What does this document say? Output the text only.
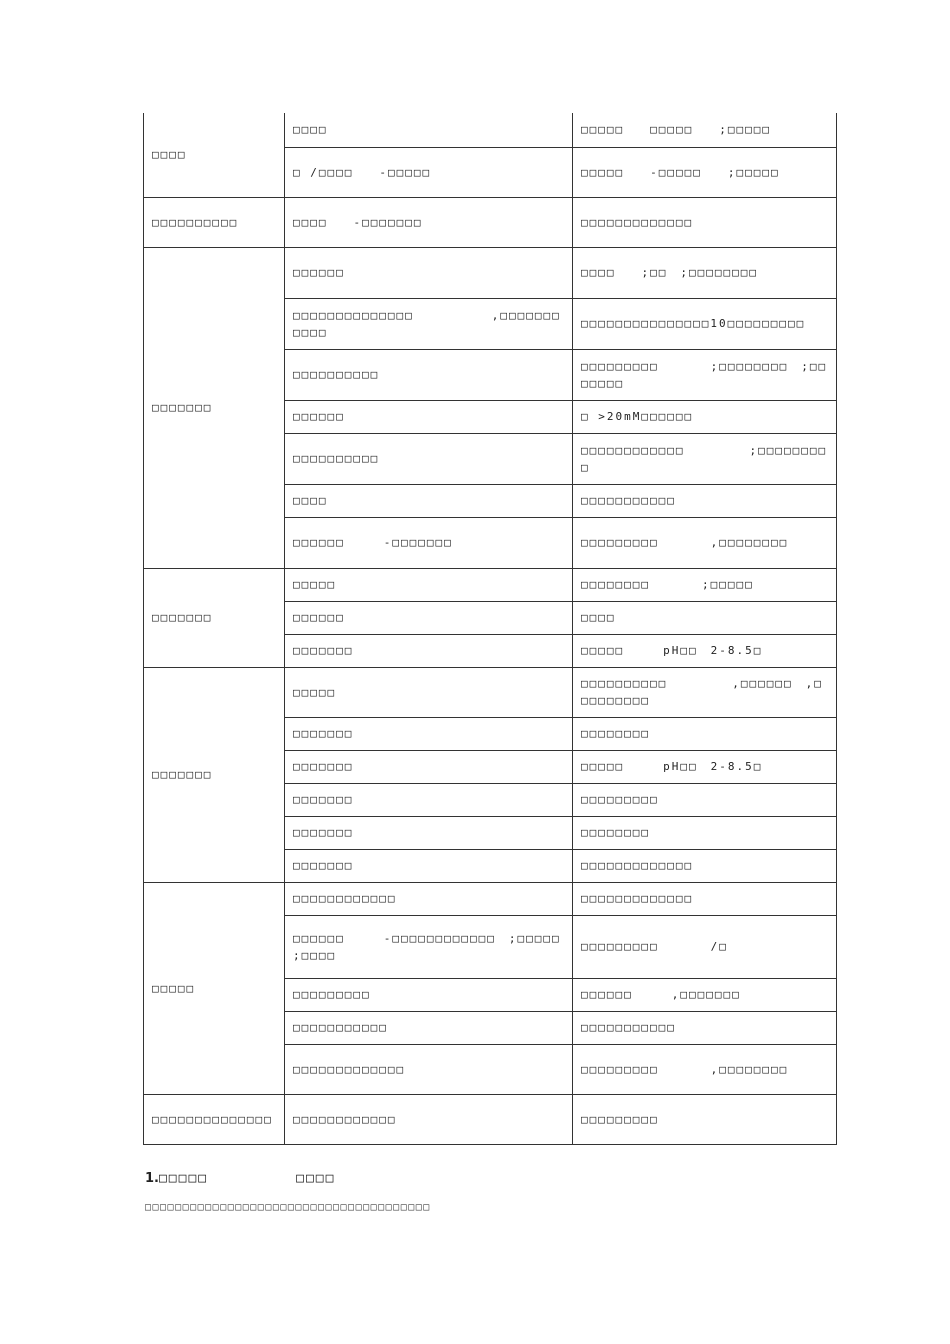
□□□□	□□□□	□□□□□　　□□□□□　　;□□□□□
	□ /□□□□　　-□□□□□	□□□□□　　-□□□□□　　;□□□□□
□□□□□□□□□□	□□□□　　-□□□□□□□	□□□□□□□□□□□□□
□□□□□□□	□□□□□□	□□□□　　;□□　;□□□□□□□□
	□□□□□□□□□□□□□□　　　　　　,□□□□□□□□□□□	□□□□□□□□□□□□□□□10□□□□□□□□□
	□□□□□□□□□□	□□□□□□□□□　　　　;□□□□□□□□　;□□□□□□□
	□□□□□□	□ >20mM□□□□□□
	□□□□□□□□□□	□□□□□□□□□□□□　　　　　;□□□□□□□□□
	□□□□	□□□□□□□□□□□
	□□□□□□　　　-□□□□□□□	□□□□□□□□□　　　　,□□□□□□□□
□□□□□□□	□□□□□	□□□□□□□□　　　　;□□□□□
	□□□□□□	□□□□
	□□□□□□□	□□□□□　　　pH□□　2-8.5□
□□□□□□□	□□□□□	□□□□□□□□□□　　　　　,□□□□□□　,□□□□□□□□□
	□□□□□□□	□□□□□□□□
	□□□□□□□	□□□□□　　　pH□□　2-8.5□
	□□□□□□□	□□□□□□□□□
	□□□□□□□	□□□□□□□□
	□□□□□□□	□□□□□□□□□□□□□
□□□□□	□□□□□□□□□□□□	□□□□□□□□□□□□□
	□□□□□□　　　-□□□□□□□□□□□□　;□□□□□　　;□□□□	□□□□□□□□□　　　　/□
	□□□□□□□□□	□□□□□□　　　,□□□□□□□
	□□□□□□□□□□□	□□□□□□□□□□□
	□□□□□□□□□□□□□	□□□□□□□□□　　　　,□□□□□□□□
□□□□□□□□□□□□□□	□□□□□□□□□□□□	□□□□□□□□□
1.□□□□□	□□□□
□□□□□□□□□□□□□□□□□□□□□□□□□□□□□□□□□□□□□□
